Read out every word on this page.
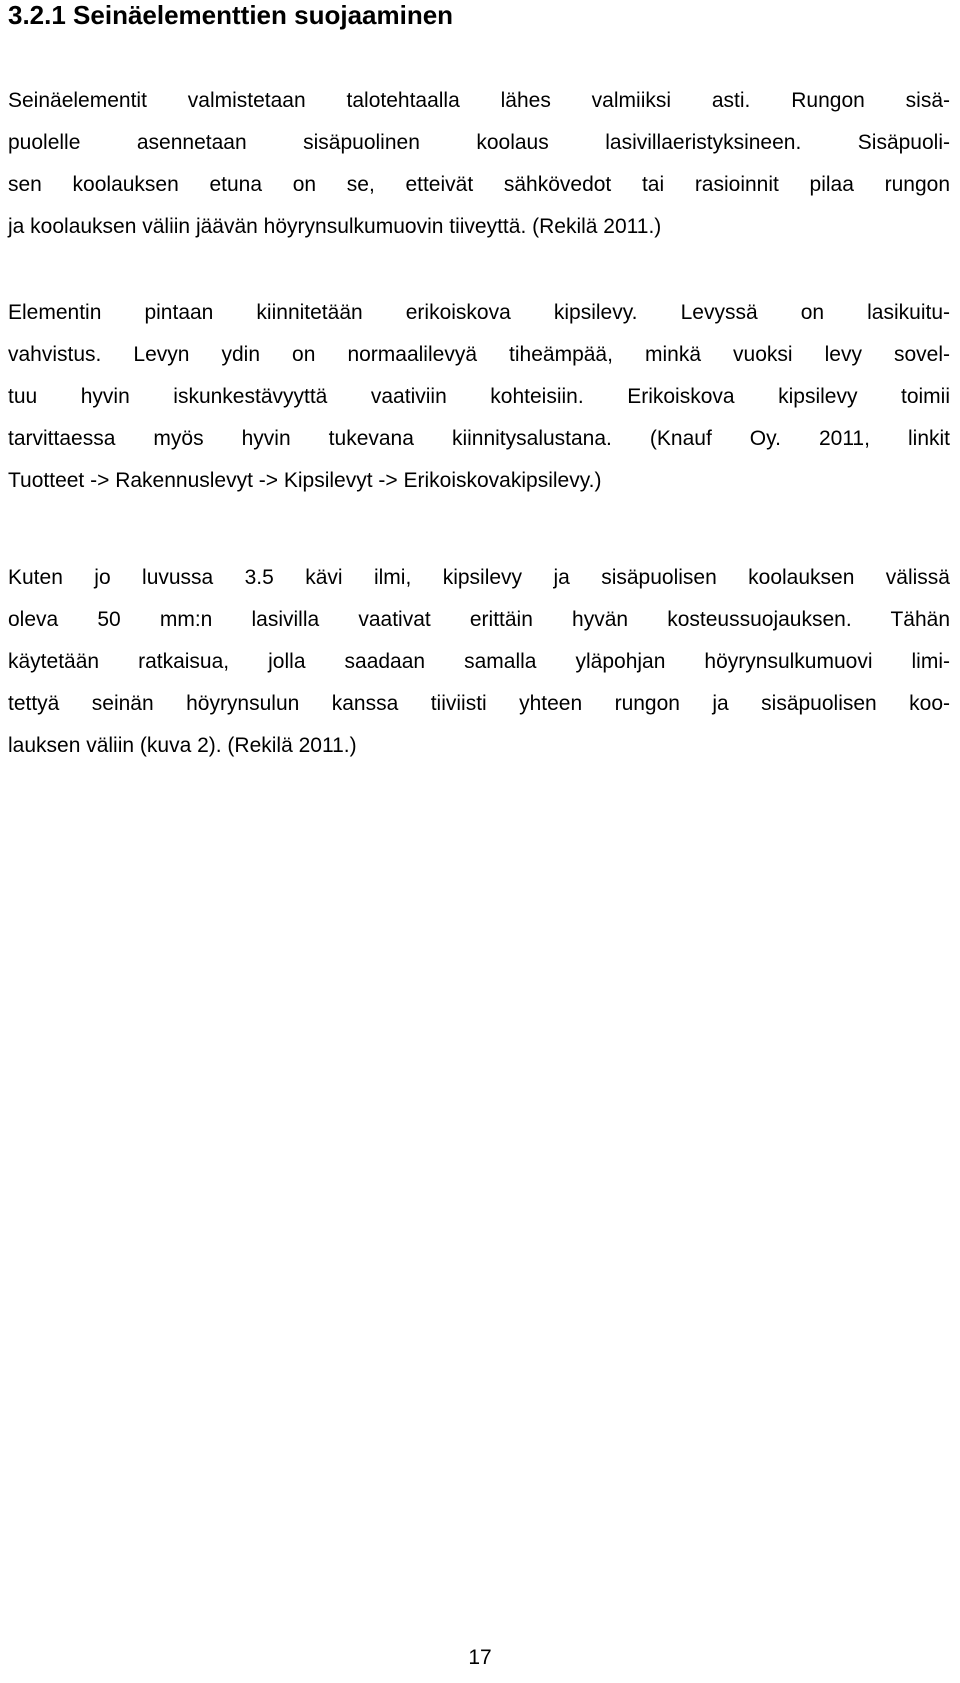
3.2.1 Seinäelementtien suojaaminen

Seinäelementit valmistetaan talotehtaalla lähes valmiiksi asti. Rungon sisä-
puolelle asennetaan sisäpuolinen koolaus lasivillaeristyksineen. Sisäpuoli-
sen koolauksen etuna on se, etteivät sähkövedot tai rasioinnit pilaa rungon
ja koolauksen väliin jäävän höyrynsulkumuovin tiiveyttä. (Rekilä 2011.)

Elementin pintaan kiinnitetään erikoiskova kipsilevy. Levyssä on lasikuitu-
vahvistus. Levyn ydin on normaalilevyä tiheämpää, minkä vuoksi levy sovel-
tuu hyvin iskunkestävyyttä vaativiin kohteisiin. Erikoiskova kipsilevy toimii
tarvittaessa myös hyvin tukevana kiinnitysalustana. (Knauf Oy. 2011, linkit
Tuotteet -> Rakennuslevyt -> Kipsilevyt -> Erikoiskovakipsilevy.)

Kuten jo luvussa 3.5 kävi ilmi, kipsilevy ja sisäpuolisen koolauksen välissä
oleva 50 mm:n lasivilla vaativat erittäin hyvän kosteussuojauksen. Tähän
käytetään ratkaisua, jolla saadaan samalla yläpohjan höyrynsulkumuovi limi-
tettyä seinän höyrynsulun kanssa tiiviisti yhteen rungon ja sisäpuolisen koo-
lauksen väliin (kuva 2). (Rekilä 2011.)

17
